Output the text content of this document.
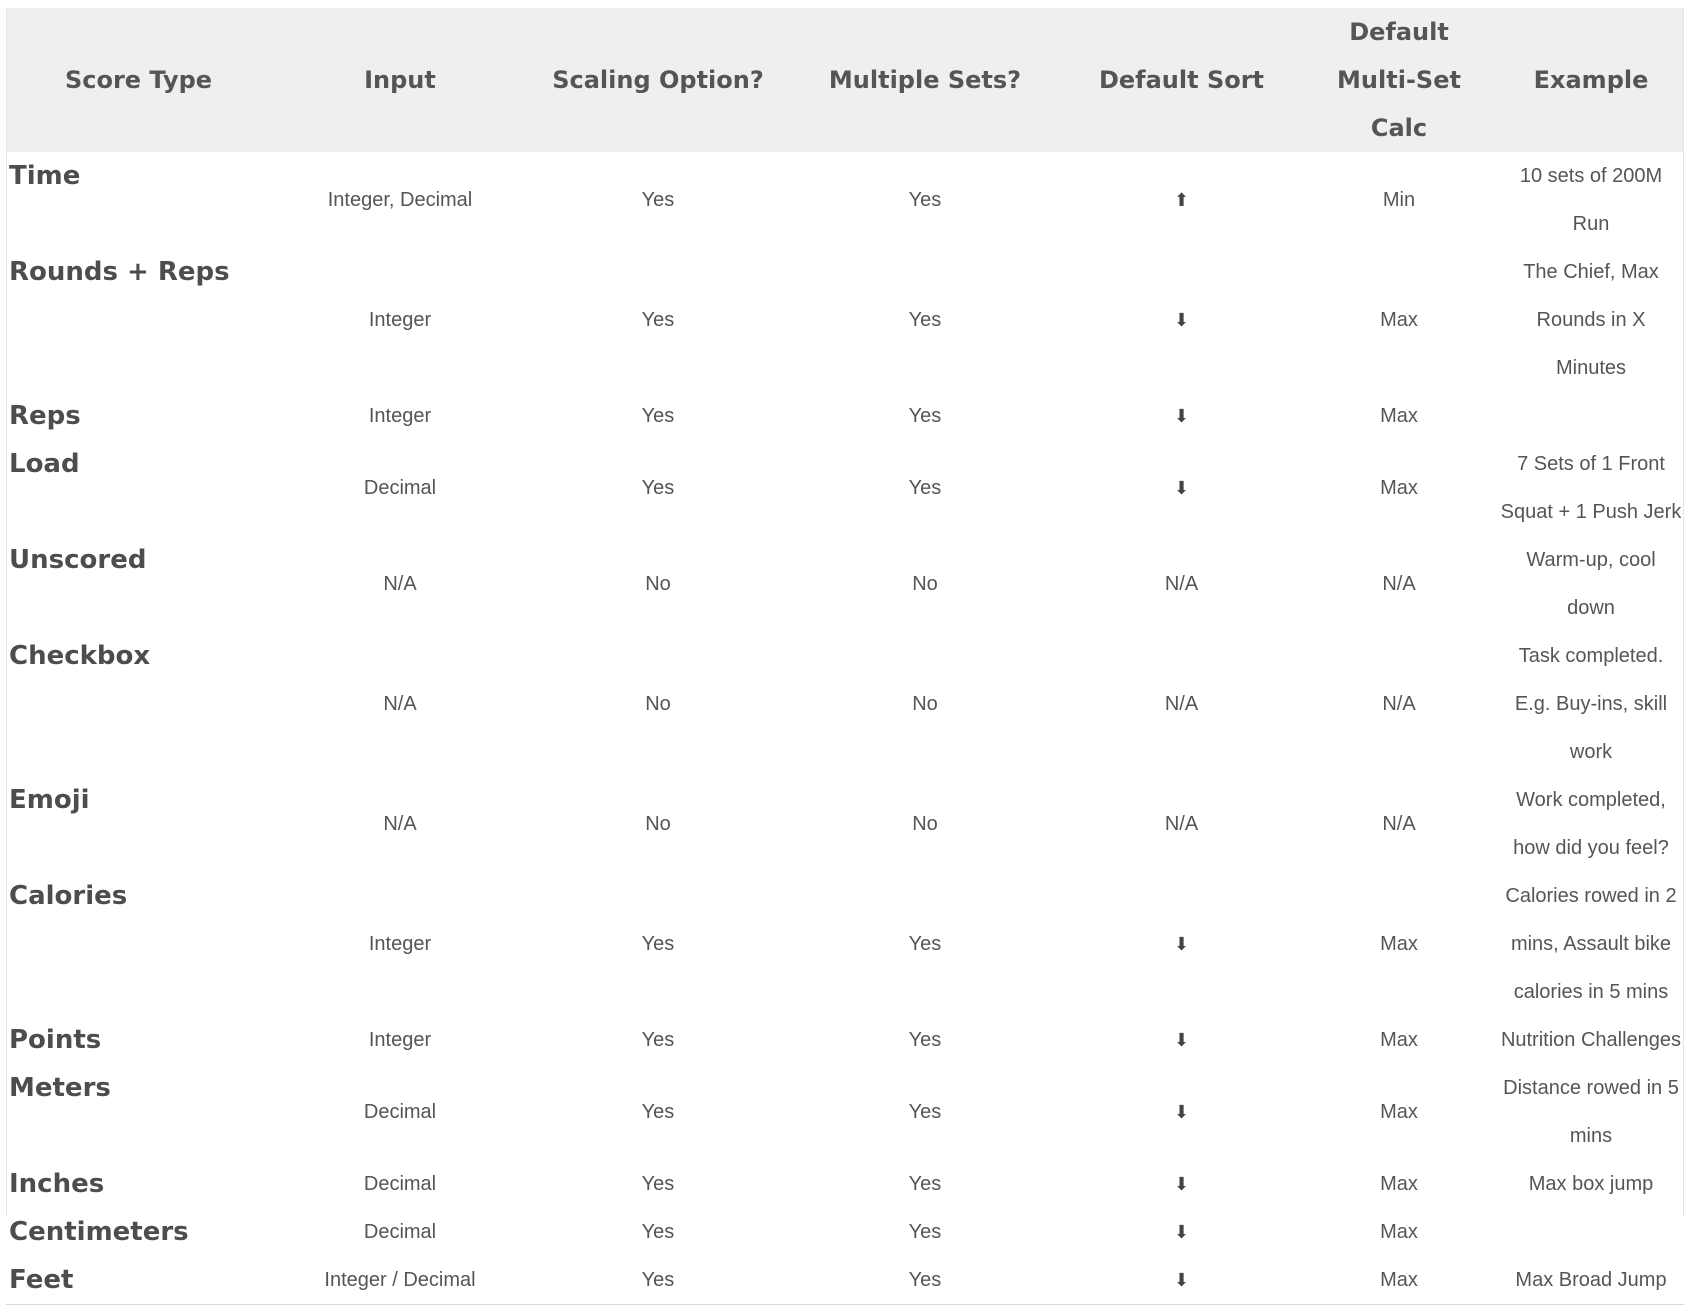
Score Type	Input	Scaling Option?	Multiple Sets?	Default Sort	Default Multi-Set Calc	Example
Time	Integer, Decimal	Yes	Yes	⬆	Min	10 sets of 200M Run
Rounds + Reps	Integer	Yes	Yes	⬇	Max	The Chief, Max Rounds in X Minutes
Reps	Integer	Yes	Yes	⬇	Max	
Load	Decimal	Yes	Yes	⬇	Max	7 Sets of 1 Front Squat + 1 Push Jerk
Unscored	N/A	No	No	N/A	N/A	Warm-up, cool down
Checkbox	N/A	No	No	N/A	N/A	Task completed. E.g. Buy-ins, skill work
Emoji	N/A	No	No	N/A	N/A	Work completed, how did you feel?
Calories	Integer	Yes	Yes	⬇	Max	Calories rowed in 2 mins, Assault bike calories in 5 mins
Points	Integer	Yes	Yes	⬇	Max	Nutrition Challenges
Meters	Decimal	Yes	Yes	⬇	Max	Distance rowed in 5 mins
Inches	Decimal	Yes	Yes	⬇	Max	Max box jump
Centimeters	Decimal	Yes	Yes	⬇	Max	
Feet	Integer / Decimal	Yes	Yes	⬇	Max	Max Broad Jump
